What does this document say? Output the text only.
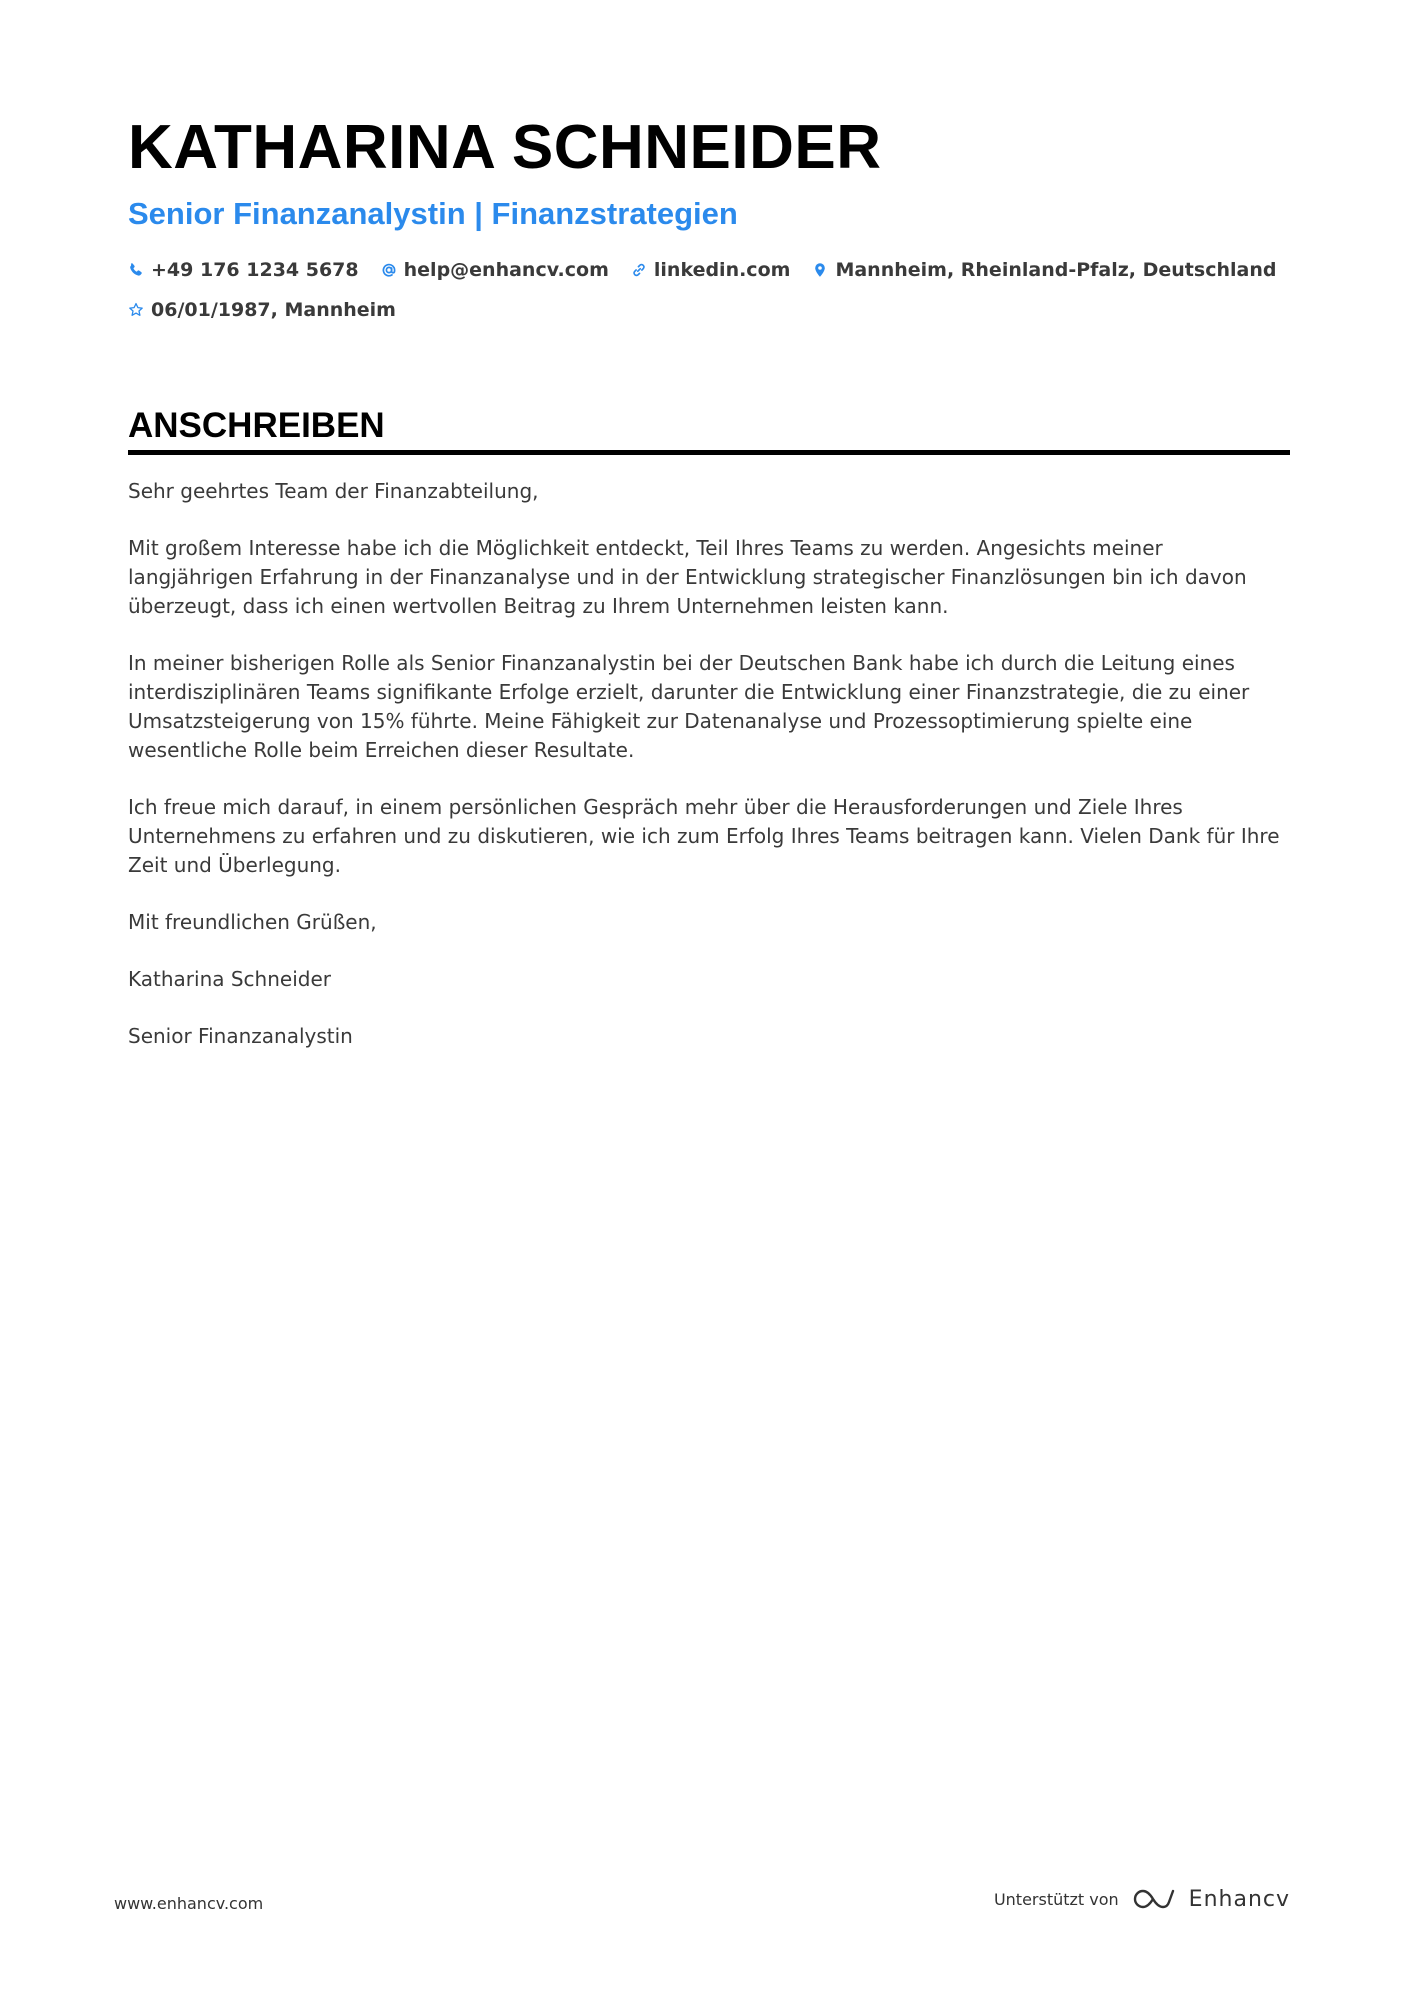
KATHARINA SCHNEIDER
Senior Finanzanalystin | Finanzstrategien
+49 176 1234 5678 help@enhancv.com linkedin.com Mannheim, Rheinland-Pfalz, Deutschland
06/01/1987, Mannheim
ANSCHREIBEN

Sehr geehrtes Team der Finanzabteilung,

Mit großem Interesse habe ich die Möglichkeit entdeckt, Teil Ihres Teams zu werden. Angesichts meiner langjährigen Erfahrung in der Finanzanalyse und in der Entwicklung strategischer Finanzlösungen bin ich davon überzeugt, dass ich einen wertvollen Beitrag zu Ihrem Unternehmen leisten kann.

In meiner bisherigen Rolle als Senior Finanzanalystin bei der Deutschen Bank habe ich durch die Leitung eines interdisziplinären Teams signifikante Erfolge erzielt, darunter die Entwicklung einer Finanzstrategie, die zu einer Umsatzsteigerung von 15% führte. Meine Fähigkeit zur Datenanalyse und Prozessoptimierung spielte eine wesentliche Rolle beim Erreichen dieser Resultate.

Ich freue mich darauf, in einem persönlichen Gespräch mehr über die Herausforderungen und Ziele Ihres Unternehmens zu erfahren und zu diskutieren, wie ich zum Erfolg Ihres Teams beitragen kann. Vielen Dank für Ihre Zeit und Überlegung.

Mit freundlichen Grüßen,

Katharina Schneider

Senior Finanzanalystin

www.enhancv.com	Unterstützt von	Enhancv
